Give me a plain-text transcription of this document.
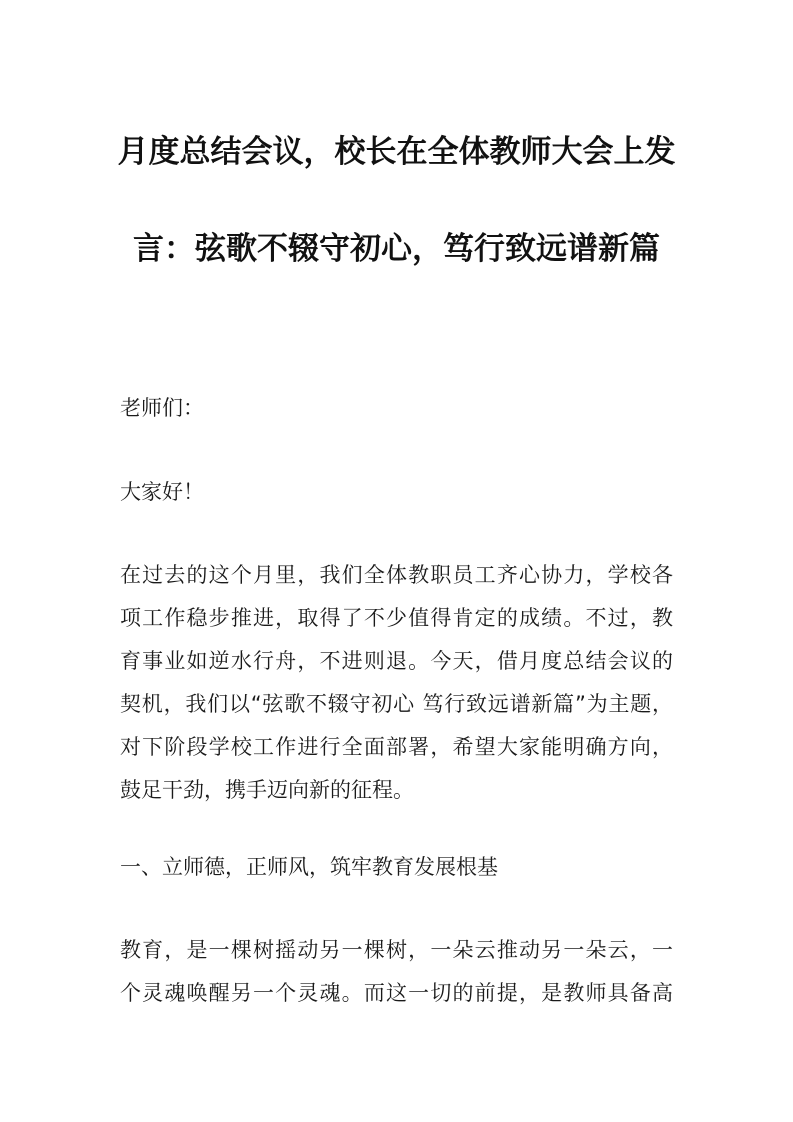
月度总结会议，校长在全体教师大会上发
言：弦歌不辍守初心，笃行致远谱新篇
老师们：
大家好！
在过去的这个月里，我们全体教职员工齐心协力，学校各
项工作稳步推进，取得了不少值得肯定的成绩。不过，教
育事业如逆水行舟，不进则退。今天，借月度总结会议的
契机，我们以“弦歌不辍守初心 笃行致远谱新篇”为主题，
对下阶段学校工作进行全面部署，希望大家能明确方向，
鼓足干劲，携手迈向新的征程。
一、立师德，正师风，筑牢教育发展根基
教育，是一棵树摇动另一棵树，一朵云推动另一朵云，一
个灵魂唤醒另一个灵魂。而这一切的前提，是教师具备高
